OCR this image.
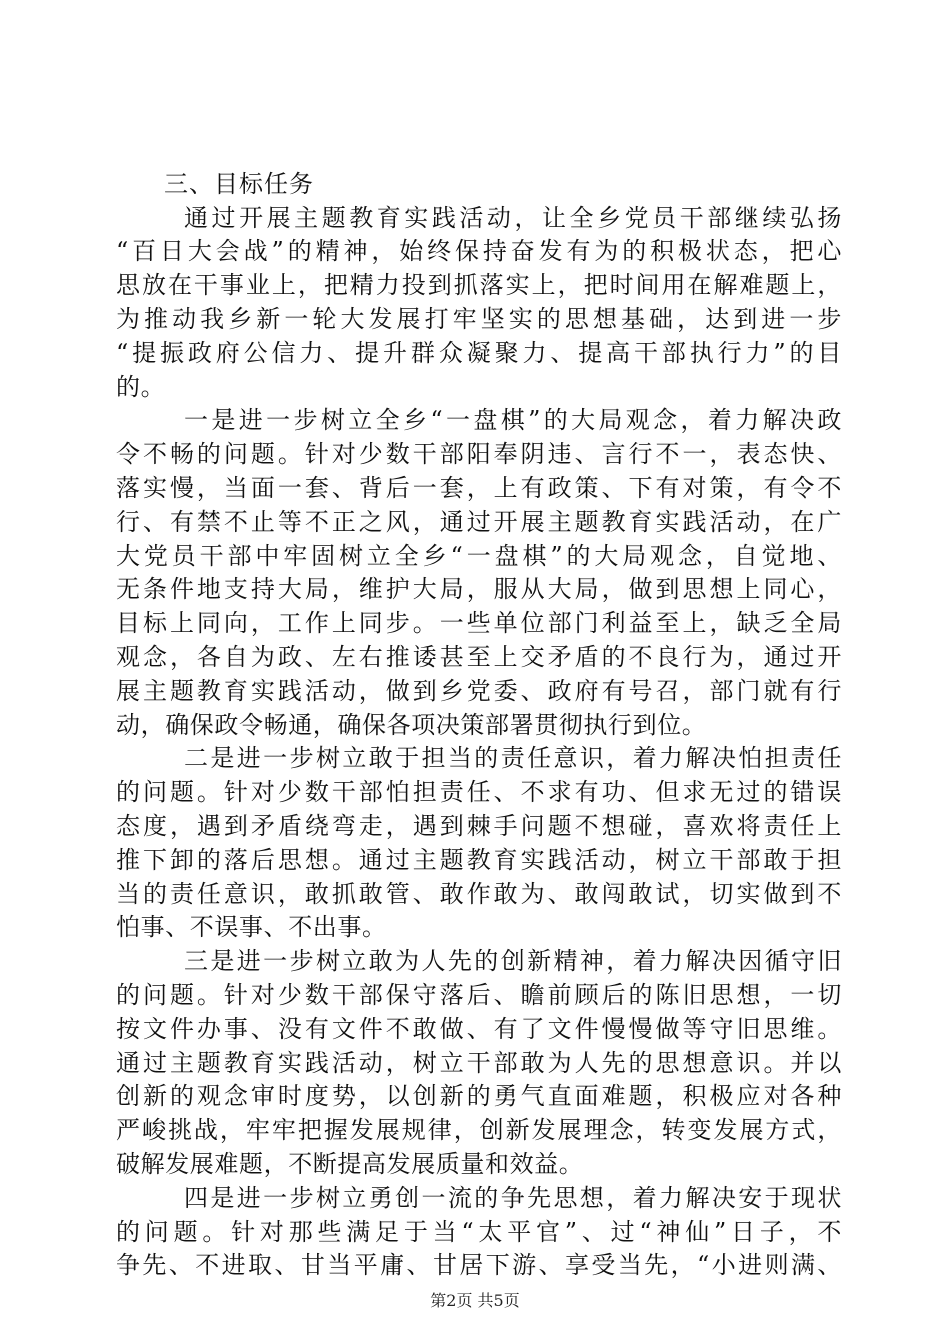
三、目标任务

通过开展主题教育实践活动，让全乡党员干部继续弘扬
“百日大会战”的精神，始终保持奋发有为的积极状态，把心
思放在干事业上，把精力投到抓落实上，把时间用在解难题上，
为推动我乡新一轮大发展打牢坚实的思想基础，达到进一步
“提振政府公信力、提升群众凝聚力、提高干部执行力”的目
的。
一是进一步树立全乡“一盘棋”的大局观念，着力解决政
令不畅的问题。针对少数干部阳奉阴违、言行不一，表态快、
落实慢，当面一套、背后一套，上有政策、下有对策，有令不
行、有禁不止等不正之风，通过开展主题教育实践活动，在广
大党员干部中牢固树立全乡“一盘棋”的大局观念，自觉地、
无条件地支持大局，维护大局，服从大局，做到思想上同心，
目标上同向，工作上同步。一些单位部门利益至上，缺乏全局
观念，各自为政、左右推诿甚至上交矛盾的不良行为，通过开
展主题教育实践活动，做到乡党委、政府有号召，部门就有行
动，确保政令畅通，确保各项决策部署贯彻执行到位。
二是进一步树立敢于担当的责任意识，着力解决怕担责任
的问题。针对少数干部怕担责任、不求有功、但求无过的错误
态度，遇到矛盾绕弯走，遇到棘手问题不想碰，喜欢将责任上
推下卸的落后思想。通过主题教育实践活动，树立干部敢于担
当的责任意识，敢抓敢管、敢作敢为、敢闯敢试，切实做到不
怕事、不误事、不出事。
三是进一步树立敢为人先的创新精神，着力解决因循守旧
的问题。针对少数干部保守落后、瞻前顾后的陈旧思想，一切
按文件办事、没有文件不敢做、有了文件慢慢做等守旧思维。
通过主题教育实践活动，树立干部敢为人先的思想意识。并以
创新的观念审时度势，以创新的勇气直面难题，积极应对各种
严峻挑战，牢牢把握发展规律，创新发展理念，转变发展方式，
破解发展难题，不断提高发展质量和效益。
四是进一步树立勇创一流的争先思想，着力解决安于现状
的问题。针对那些满足于当“太平官”、过“神仙”日子，不
争先、不进取、甘当平庸、甘居下游、享受当先，“小进则满、
第2页 共5页
